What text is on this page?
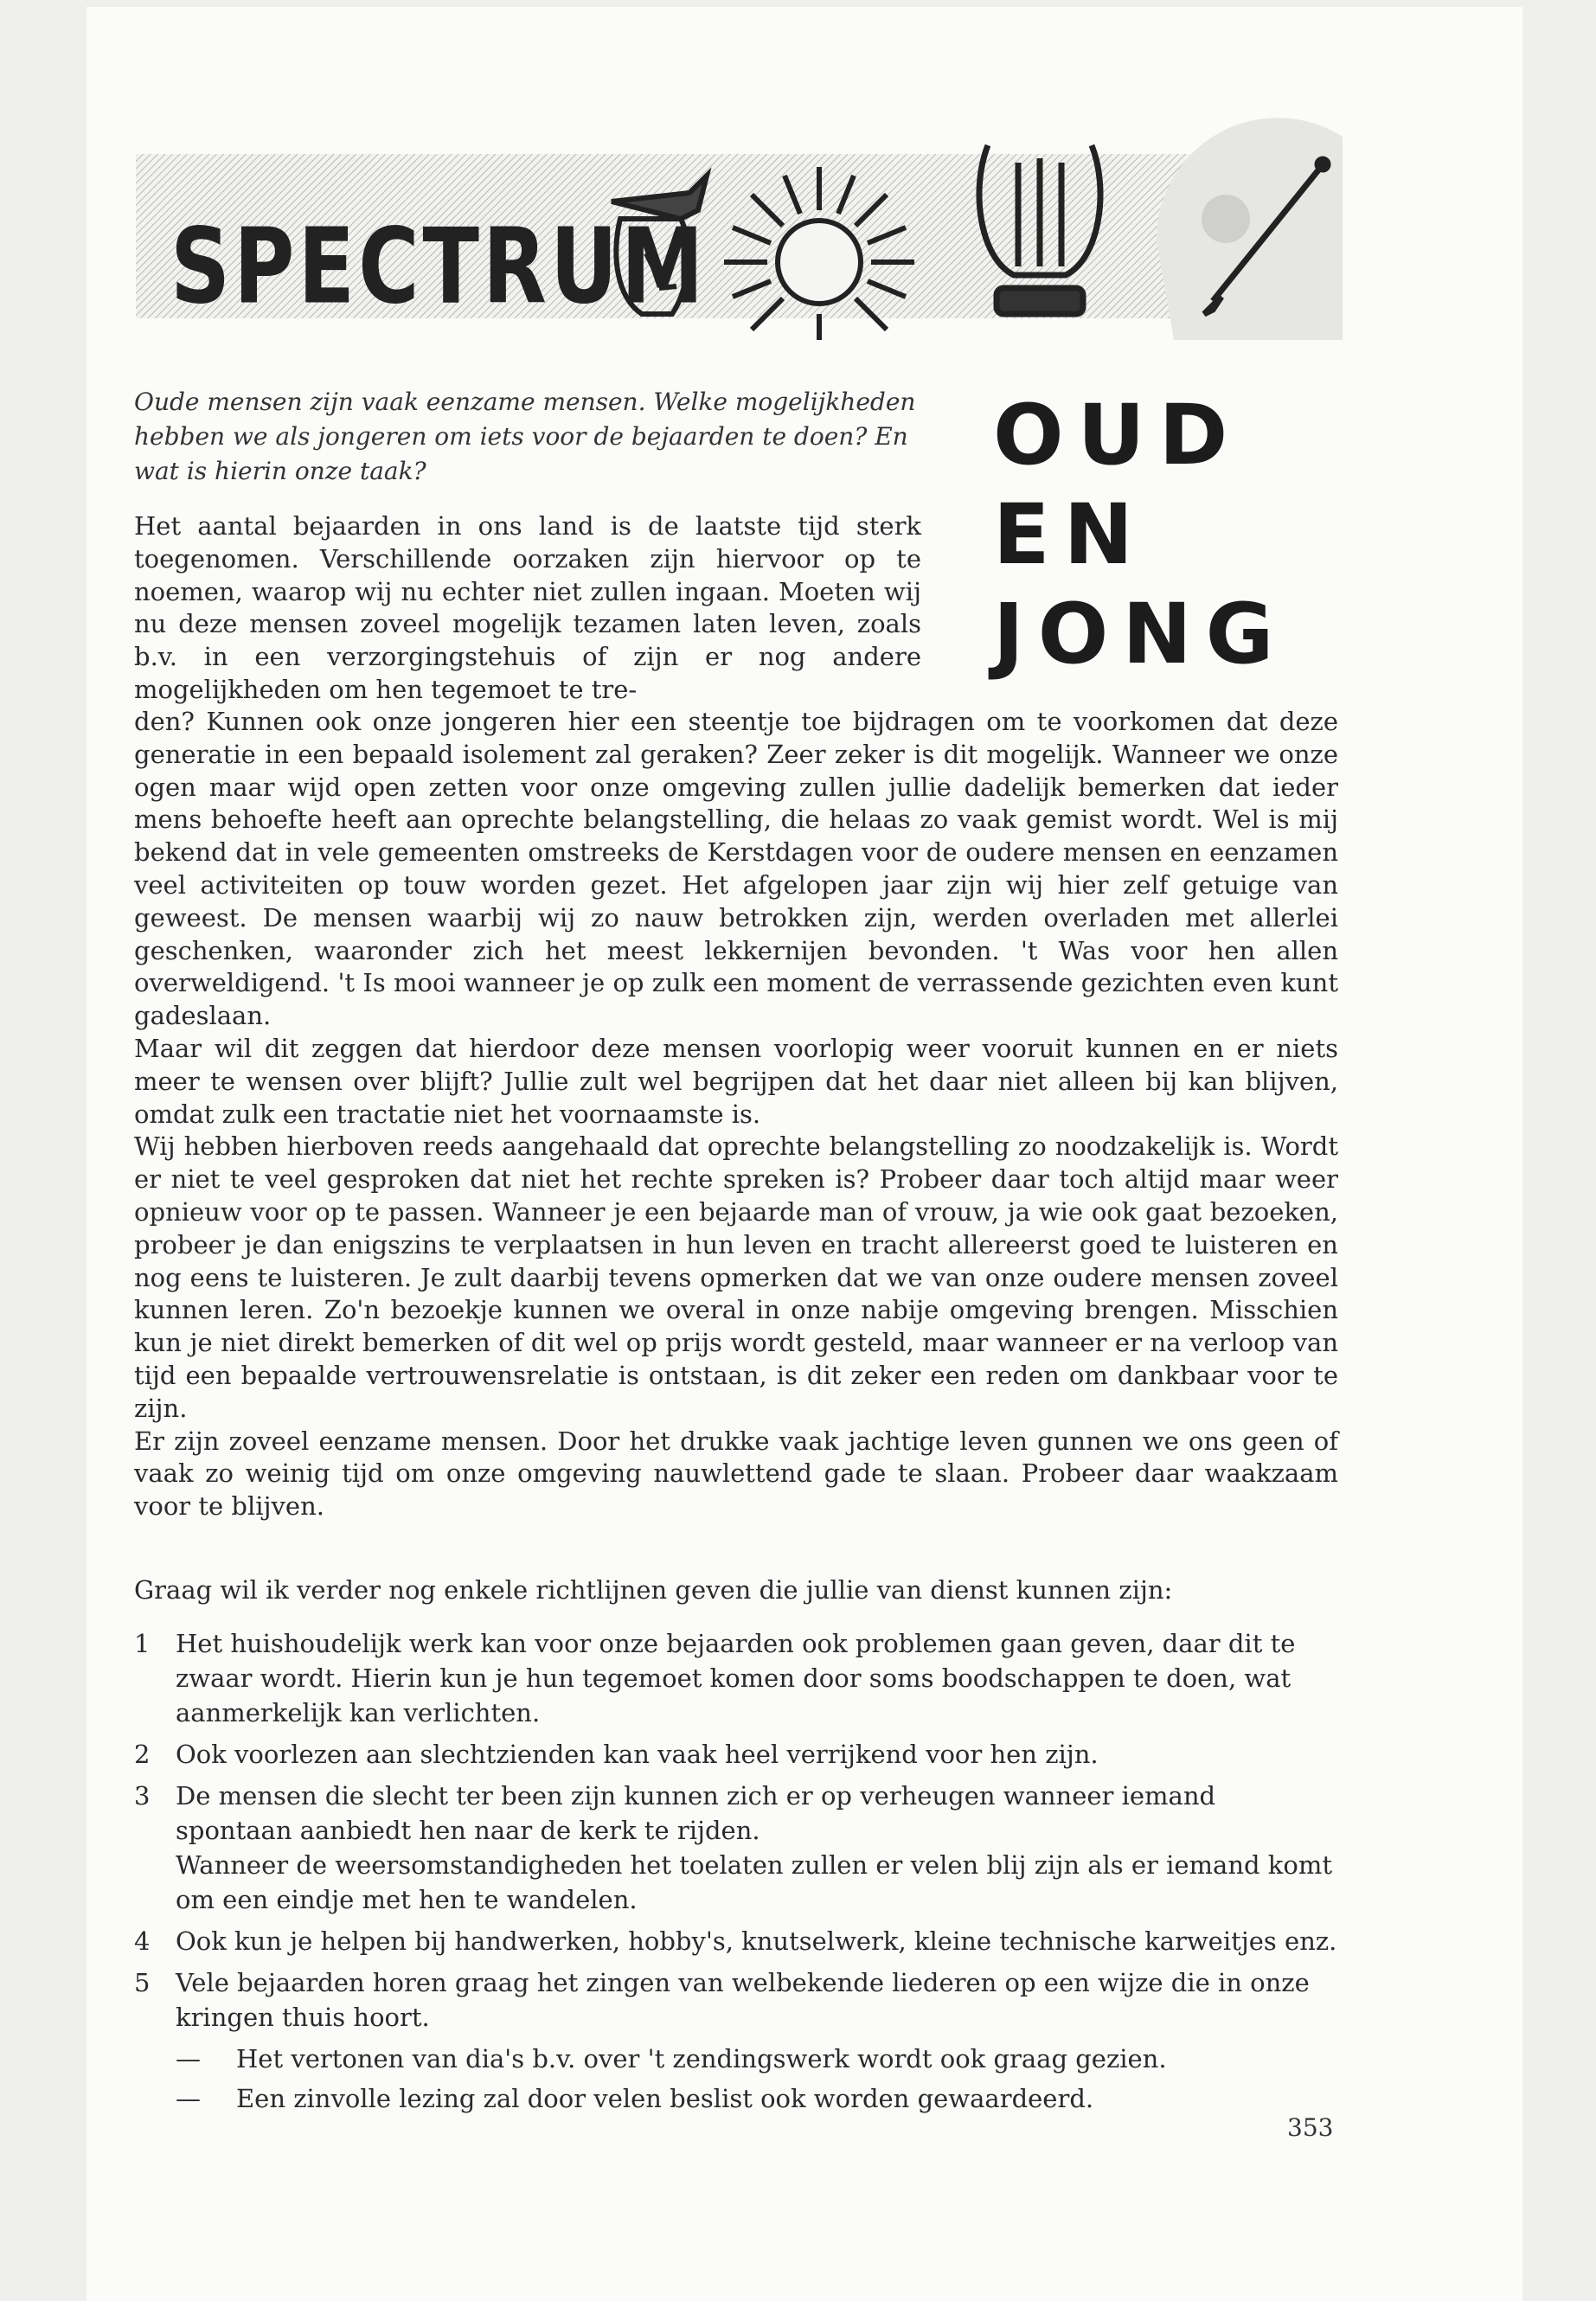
SPECTRUM
OUD
EN
JONG

Oude mensen zijn vaak eenzame mensen. Welke mogelijkheden hebben we als jongeren om iets voor de bejaarden te doen? En wat is hierin onze taak?

Het aantal bejaarden in ons land is de laatste tijd sterk toegenomen. Verschillende oorzaken zijn hiervoor op te noemen, waarop wij nu echter niet zullen ingaan. Moeten wij nu deze mensen zoveel mogelijk tezamen laten leven, zoals b.v. in een verzorgingstehuis of zijn er nog andere mogelijkheden om hen tegemoet te tre-

den? Kunnen ook onze jongeren hier een steentje toe bijdragen om te voorkomen dat deze generatie in een bepaald isolement zal geraken? Zeer zeker is dit mogelijk. Wanneer we onze ogen maar wijd open zetten voor onze omgeving zullen jullie dadelijk bemerken dat ieder mens behoefte heeft aan oprechte belangstelling, die helaas zo vaak gemist wordt. Wel is mij bekend dat in vele gemeenten omstreeks de Kerstdagen voor de oudere mensen en eenzamen veel activiteiten op touw worden gezet. Het afgelopen jaar zijn wij hier zelf getuige van geweest. De mensen waarbij wij zo nauw betrokken zijn, werden overladen met allerlei geschenken, waaronder zich het meest lekkernijen bevonden. 't Was voor hen allen overweldigend. 't Is mooi wanneer je op zulk een moment de verrassende gezichten even kunt gadeslaan.

Maar wil dit zeggen dat hierdoor deze mensen voorlopig weer vooruit kunnen en er niets meer te wensen over blijft? Jullie zult wel begrijpen dat het daar niet alleen bij kan blijven, omdat zulk een tractatie niet het voornaamste is.

Wij hebben hierboven reeds aangehaald dat oprechte belangstelling zo noodzakelijk is. Wordt er niet te veel gesproken dat niet het rechte spreken is? Probeer daar toch altijd maar weer opnieuw voor op te passen. Wanneer je een bejaarde man of vrouw, ja wie ook gaat bezoeken, probeer je dan enigszins te verplaatsen in hun leven en tracht allereerst goed te luisteren en nog eens te luisteren. Je zult daarbij tevens opmerken dat we van onze oudere mensen zoveel kunnen leren. Zo'n bezoekje kunnen we overal in onze nabije omgeving brengen. Misschien kun je niet direkt bemerken of dit wel op prijs wordt gesteld, maar wanneer er na verloop van tijd een bepaalde vertrouwensrelatie is ontstaan, is dit zeker een reden om dankbaar voor te zijn.

Er zijn zoveel eenzame mensen. Door het drukke vaak jachtige leven gunnen we ons geen of vaak zo weinig tijd om onze omgeving nauwlettend gade te slaan. Probeer daar waakzaam voor te blijven.

Graag wil ik verder nog enkele richtlijnen geven die jullie van dienst kunnen zijn:

1 Het huishoudelijk werk kan voor onze bejaarden ook problemen gaan geven, daar dit te zwaar wordt. Hierin kun je hun tegemoet komen door soms boodschappen te doen, wat aanmerkelijk kan verlichten.
2 Ook voorlezen aan slechtzienden kan vaak heel verrijkend voor hen zijn.
3 De mensen die slecht ter been zijn kunnen zich er op verheugen wanneer iemand spontaan aanbiedt hen naar de kerk te rijden.
Wanneer de weersomstandigheden het toelaten zullen er velen blij zijn als er iemand komt om een eindje met hen te wandelen.
4 Ook kun je helpen bij handwerken, hobby's, knutselwerk, kleine technische karweitjes enz.
5 Vele bejaarden horen graag het zingen van welbekende liederen op een wijze die in onze kringen thuis hoort.
— Het vertonen van dia's b.v. over 't zendingswerk wordt ook graag gezien.
— Een zinvolle lezing zal door velen beslist ook worden gewaardeerd.
353
